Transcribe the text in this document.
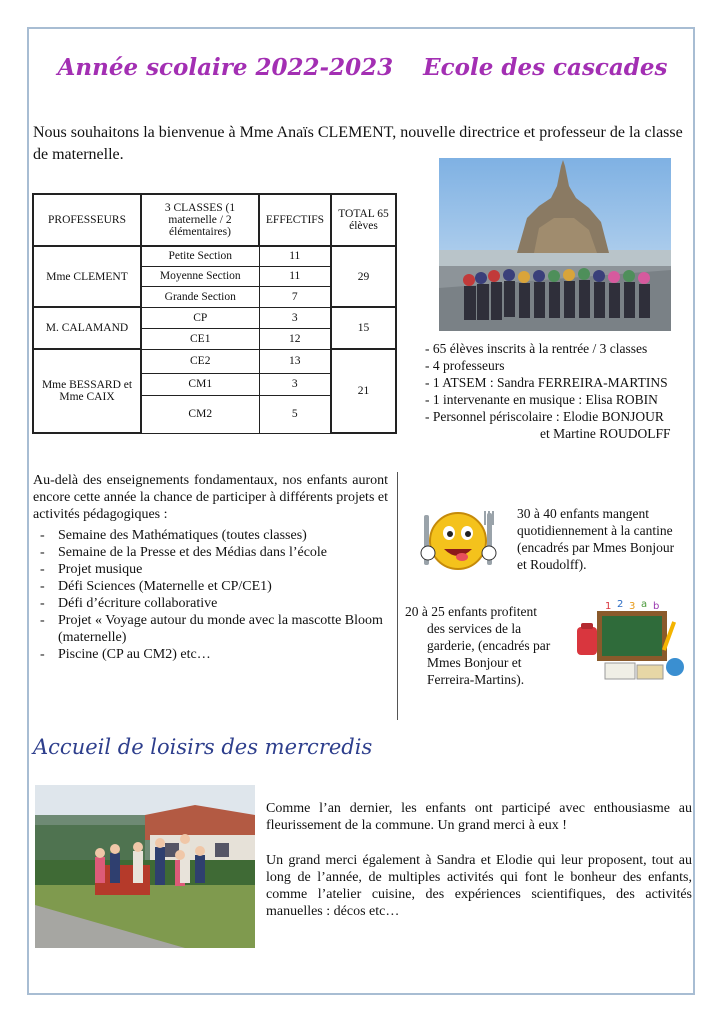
Année scolaire 2022-2023 Ecole des cascades
Nous souhaitons la bienvenue à Mme Anaïs CLEMENT, nouvelle directrice et professeur de la classe de maternelle.
PROFESSEURS	3 CLASSES (1 maternelle / 2 élémentaires)	EFFECTIFS	TOTAL 65 élèves
Mme CLEMENT	Petite Section	11	29
	Moyenne Section	11	
	Grande Section	7	
M. CALAMAND	CP	3	15
	CE1	12	
Mme BESSARD et Mme CAIX	CE2	13	21
	CM1	3	
	CM2	5	
- 65 élèves inscrits à la rentrée / 3 classes
- 4 professeurs
- 1 ATSEM : Sandra FERREIRA-MARTINS
- 1 intervenante en musique : Elisa ROBIN
- Personnel périscolaire : Elodie BONJOUR
et Martine ROUDOLFF
Au-delà des enseignements fondamentaux, nos enfants auront encore cette année la chance de participer à différents projets et activités pédagogiques :
- Semaine des Mathématiques (toutes classes)
- Semaine de la Presse et des Médias dans l’école
- Projet musique
- Défi Sciences (Maternelle et CP/CE1)
- Défi d’écriture collaborative
- Projet « Voyage autour du monde avec la mascotte Bloom (maternelle)
- Piscine (CP au CM2) etc…
30 à 40 enfants mangent
quotidiennement à la cantine
(encadrés par Mmes Bonjour
et Roudolff).
20 à 25 enfants profitent
des services de la
garderie, (encadrés par
Mmes Bonjour et
Ferreira-Martins).
1 2 3 a b
Accueil de loisirs des mercredis
Comme l’an dernier, les enfants ont participé avec enthousiasme au fleurissement de la commune. Un grand merci à eux !
Un grand merci également à Sandra et Elodie qui leur proposent, tout au long de l’année, de multiples activités qui font le bonheur des enfants, comme l’atelier cuisine, des expériences scientifiques, des activités manuelles : décos etc…
